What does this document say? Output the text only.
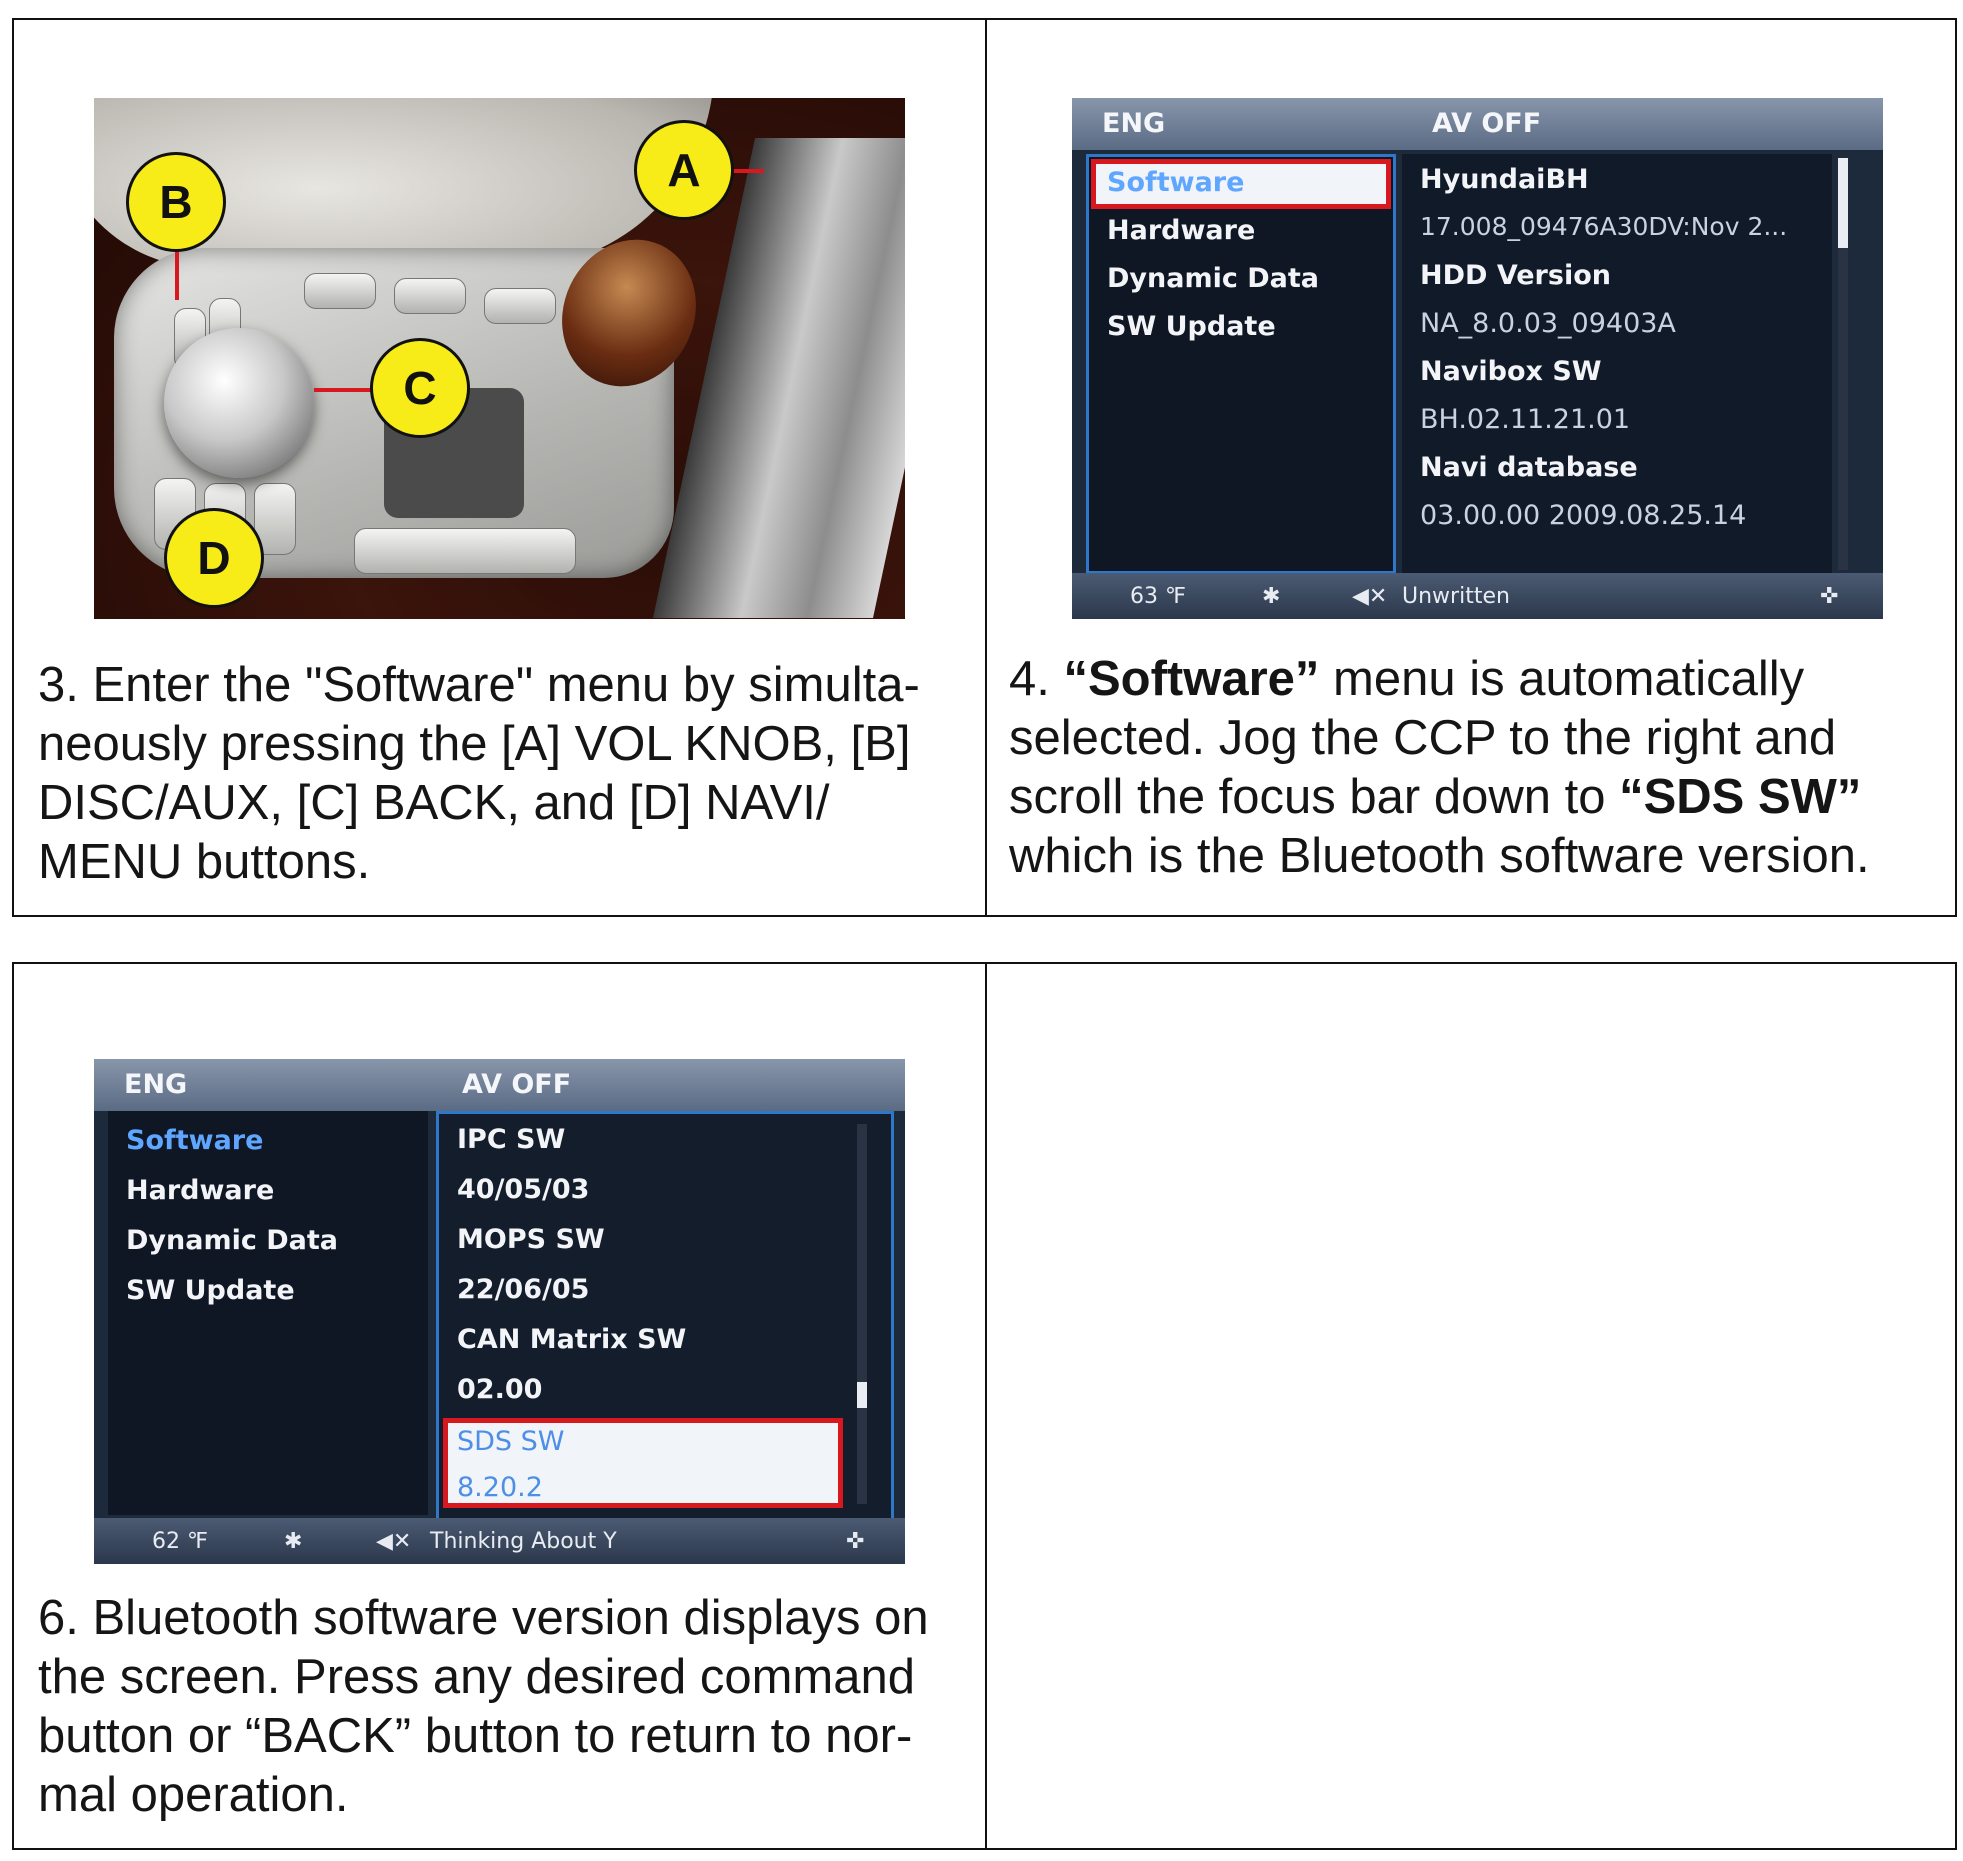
A
B
C
D
3. Enter the "Software" menu by simulta-
neously pressing the [A] VOL KNOB, [B]
DISC/AUX, [C] BACK, and [D] NAVI/
MENU buttons.
ENG	AV OFF
Software
Hardware
Dynamic Data
SW Update
HyundaiBH
17.008_09476A30DV:Nov 2...
HDD Version
NA_8.0.03_09403A
Navibox SW
BH.02.11.21.01
Navi database
03.00.00 2009.08.25.14
63 ℉	✱	◀✕ Unwritten	✜
4. “Software” menu is automatically
selected. Jog the CCP to the right and
scroll the focus bar down to “SDS SW”
which is the Bluetooth software version.
ENG	AV OFF
Software
Hardware
Dynamic Data
SW Update
IPC SW
40/05/03
MOPS SW
22/06/05
CAN Matrix SW
02.00
SDS SW
8.20.2
62 ℉	✱	◀✕ Thinking About Y	✜
6. Bluetooth software version displays on
the screen. Press any desired command
button or “BACK” button to return to nor-
mal operation.
